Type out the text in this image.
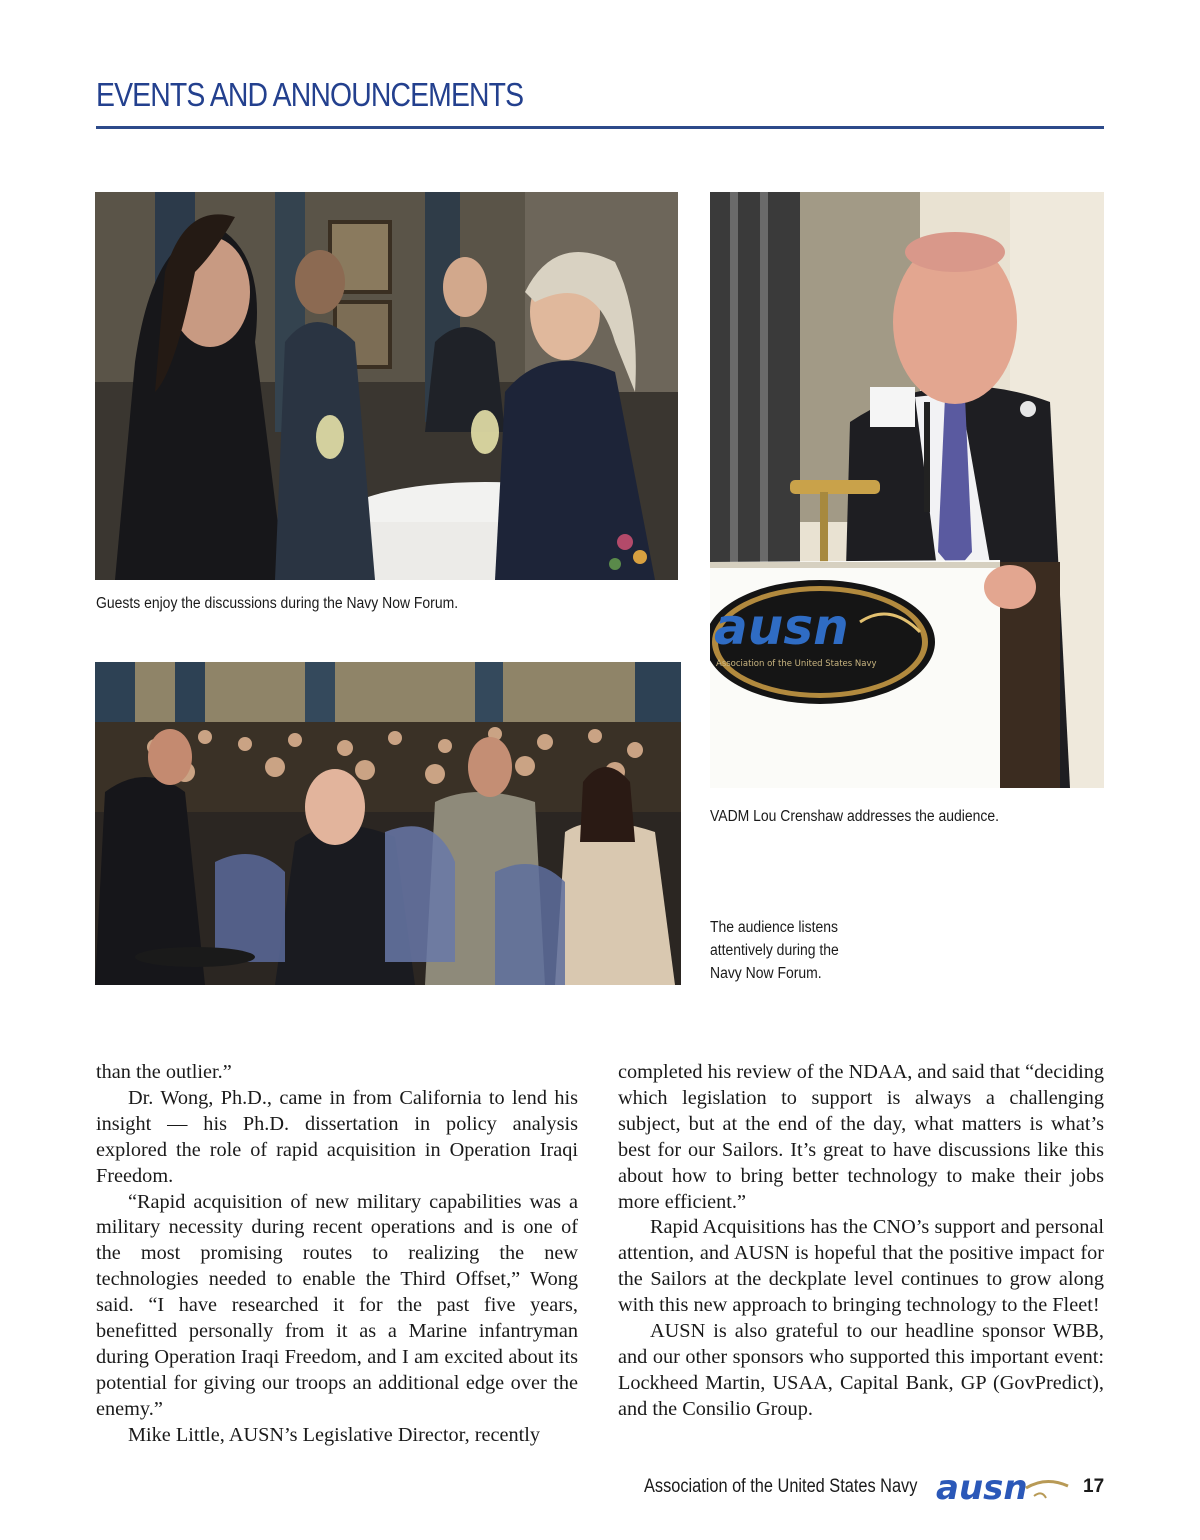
EVENTS AND ANNOUNCEMENTS
Guests enjoy the discussions during the Navy Now Forum.	ausn
Association of the United States Navy
VADM Lou Crenshaw addresses the audience.
The audience listens attentively during the Navy Now Forum.

than the outlier.”

Dr. Wong, Ph.D., came in from California to lend his insight — his Ph.D. dissertation in policy analysis explored the role of rapid acquisition in Operation Iraqi Freedom.

“Rapid acquisition of new military capabilities was a military necessity during recent operations and is one of the most promising routes to realizing the new technologies needed to enable the Third Offset,” Wong said. “I have researched it for the past five years, benefitted personally from it as a Marine infantryman during Operation Iraqi Freedom, and I am excited about its potential for giving our troops an additional edge over the enemy.”

Mike Little, AUSN’s Legislative Director, recently

completed his review of the NDAA, and said that “deciding which legislation to support is always a challenging subject, but at the end of the day, what matters is what’s best for our Sailors. It’s great to have discussions like this about how to bring better technology to make their jobs more efficient.”

Rapid Acquisitions has the CNO’s support and personal attention, and AUSN is hopeful that the positive impact for the Sailors at the deckplate level continues to grow along with this new approach to bringing technology to the Fleet!

AUSN is also grateful to our headline sponsor WBB, and our other sponsors who supported this important event: Lockheed Martin, USAA, Capital Bank, GP (GovPredict), and the Consilio Group.

Association of the United States Navy ausn	17
